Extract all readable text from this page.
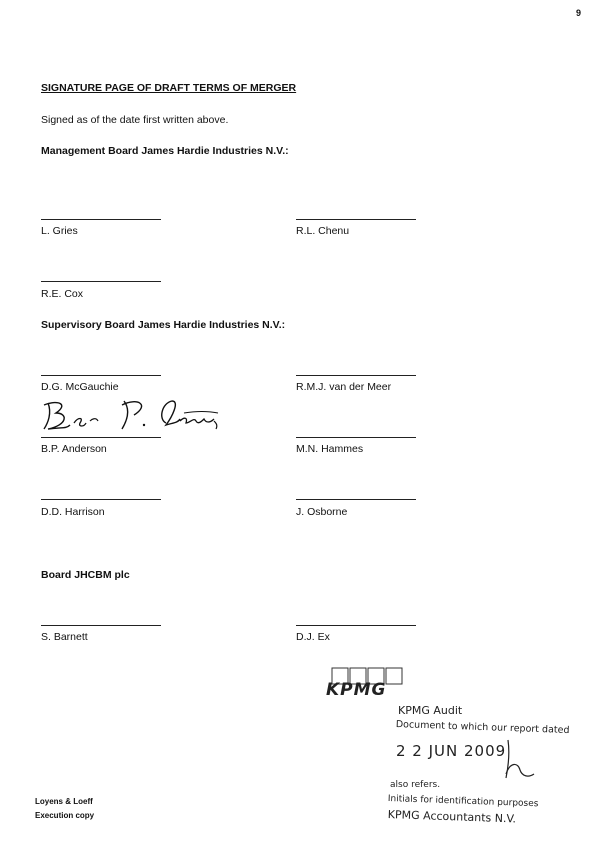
9
SIGNATURE PAGE OF DRAFT TERMS OF MERGER
Signed as of the date first written above.
Management Board James Hardie Industries N.V.:
L. Gries	R.L. Chenu
R.E. Cox
Supervisory Board James Hardie Industries N.V.:
D.G. McGauchie	R.M.J. van der Meer
B.P. Anderson	M.N. Hammes
D.D. Harrison	J. Osborne
Board JHCBM plc
S. Barnett	D.J. Ex
KPMG
KPMG Audit
Document to which our report dated
2 2 JUN 2009
also refers.
Initials for identification purposes
KPMG Accountants N.V.
Loyens & Loeff
Execution copy
